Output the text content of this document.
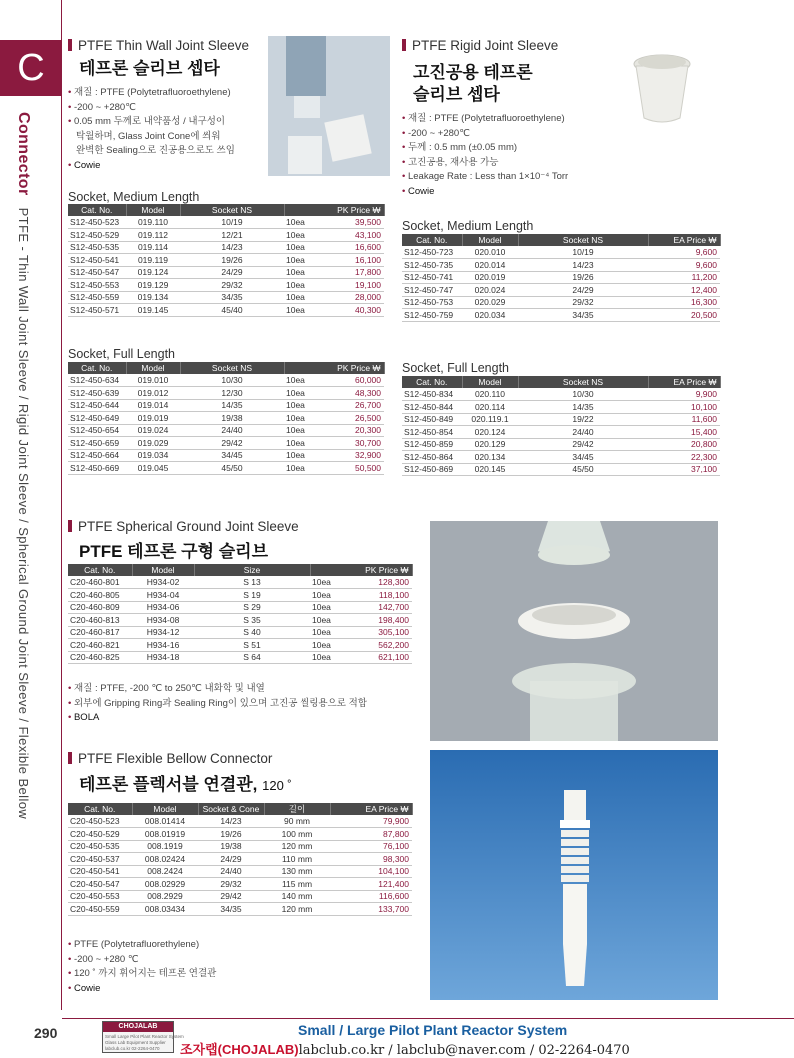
C
ConnectorPTFE - Thin Wall Joint Sleeve / Rigid Joint Sleeve / Spherical Ground Joint Sleeve / Flexible Bellow
PTFE Thin Wall Joint Sleeve
테프론 슬리브 셉타
• 재질 : PTFE (Polytetrafluoroethylene)
• -200 ~ +280℃
• 0.05 mm 두께로 내약품성 / 내구성이
탁월하며, Glass Joint Cone에 씌워
완벽한 Sealing으로 진공용으로도 쓰임
• Cowie
Socket, Medium Length
Cat. No.	Model	Socket NS	PK Price ₩	
S12-450-523	019.110	10/19	10ea	39,500
S12-450-529	019.112	12/21	10ea	43,100
S12-450-535	019.114	14/23	10ea	16,600
S12-450-541	019.119	19/26	10ea	16,100
S12-450-547	019.124	24/29	10ea	17,800
S12-450-553	019.129	29/32	10ea	19,100
S12-450-559	019.134	34/35	10ea	28,000
S12-450-571	019.145	45/40	10ea	40,300
Socket, Full Length
Cat. No.	Model	Socket NS	PK Price ₩	
S12-450-634	019.010	10/30	10ea	60,000
S12-450-639	019.012	12/30	10ea	48,300
S12-450-644	019.014	14/35	10ea	26,700
S12-450-649	019.019	19/38	10ea	26,500
S12-450-654	019.024	24/40	10ea	20,300
S12-450-659	019.029	29/42	10ea	30,700
S12-450-664	019.034	34/45	10ea	32,900
S12-450-669	019.045	45/50	10ea	50,500
PTFE Rigid Joint Sleeve
고진공용 테프론
슬리브 셉타
• 재질 : PTFE (Polytetrafluoroethylene)
• -200 ~ +280℃
• 두께 : 0.5 mm (±0.05 mm)
• 고진공용, 재사용 가능
• Leakage Rate : Less than 1×10⁻⁴ Torr
• Cowie
Socket, Medium Length
Cat. No.	Model	Socket NS	EA Price ₩
S12-450-723	020.010	10/19	9,600
S12-450-735	020.014	14/23	9,600
S12-450-741	020.019	19/26	11,200
S12-450-747	020.024	24/29	12,400
S12-450-753	020.029	29/32	16,300
S12-450-759	020.034	34/35	20,500
Socket, Full Length
Cat. No.	Model	Socket NS	EA Price ₩
S12-450-834	020.110	10/30	9,900
S12-450-844	020.114	14/35	10,100
S12-450-849	020.119.1	19/22	11,600
S12-450-854	020.124	24/40	15,400
S12-450-859	020.129	29/42	20,800
S12-450-864	020.134	34/45	22,300
S12-450-869	020.145	45/50	37,100
PTFE Spherical Ground Joint Sleeve
PTFE 테프론 구형 슬리브
Cat. No.	Model	Size	PK Price ₩	
C20-460-801	H934-02	S 13	10ea	128,300
C20-460-805	H934-04	S 19	10ea	118,100
C20-460-809	H934-06	S 29	10ea	142,700
C20-460-813	H934-08	S 35	10ea	198,400
C20-460-817	H934-12	S 40	10ea	305,100
C20-460-821	H934-16	S 51	10ea	562,200
C20-460-825	H934-18	S 64	10ea	621,100
• 재질 : PTFE, -200 ℃ to 250℃ 내화학 및 내열
• 외부에 Gripping Ring과 Sealing Ring이 있으며 고진공 씰링용으로 적합
• BOLA
PTFE Flexible Bellow Connector
테프론 플렉서블 연결관, 120 ˚
Cat. No.	Model	Socket & Cone	길이	EA Price ₩
C20-450-523	008.01414	14/23	90 mm	79,900
C20-450-529	008.01919	19/26	100 mm	87,800
C20-450-535	008.1919	19/38	120 mm	76,100
C20-450-537	008.02424	24/29	110 mm	98,300
C20-450-541	008.2424	24/40	130 mm	104,100
C20-450-547	008.02929	29/32	115 mm	121,400
C20-450-553	008.2929	29/42	140 mm	116,600
C20-450-559	008.03434	34/35	120 mm	133,700
• PTFE (Polytetrafluorethylene)
• -200 ~ +280 ℃
• 120 ˚ 까지 휘어지는 테프론 연결관
• Cowie
290	CHOJALAB
Small Large Pilot Plant Reactor System
Glass Lab Equipment Supplier
labclub.co.kr 02-2264-0470
Small / Large Pilot Plant Reactor System
조자랩(CHOJALAB)labclub.co.kr / labclub@naver.com / 02-2264-0470
